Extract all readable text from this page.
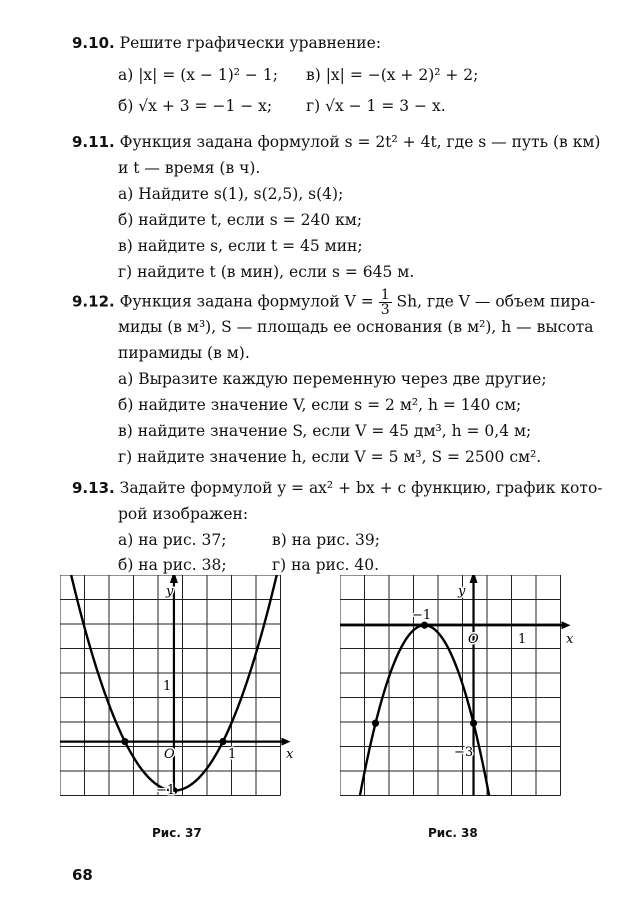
9.10. Решите графически уравнение:
а) |x| = (x − 1)² − 1; в) |x| = −(x + 2)² + 2;
б) √x + 3 = −1 − x; г) √x − 1 = 3 − x.
9.11. Функция задана формулой s = 2t² + 4t, где s — путь (в км)
и t — время (в ч).
а) Найдите s(1), s(2,5), s(4);
б) найдите t, если s = 240 км;
в) найдите s, если t = 45 мин;
г) найдите t (в мин), если s = 645 м.
9.12. Функция задана формулой $V = \frac{1}{3} Sh$, где V — объем пира-
миды (в м³), S — площадь ее основания (в м²), h — высота
пирамиды (в м).
а) Выразите каждую переменную через две другие;
б) найдите значение V, если s = 2 м², h = 140 см;
в) найдите значение S, если V = 45 дм³, h = 0,4 м;
г) найдите значение h, если V = 5 м³, S = 2500 см².
9.13. Задайте формулой y = ax² + bx + c функцию, график кото-
рой изображен:
а) на рис. 37;	в) на рис. 39;
б) на рис. 38;	г) на рис. 40.
y
x
O	1
1
−1
Рис. 37
y
x
O	1
−1
−3
Рис. 38
68
